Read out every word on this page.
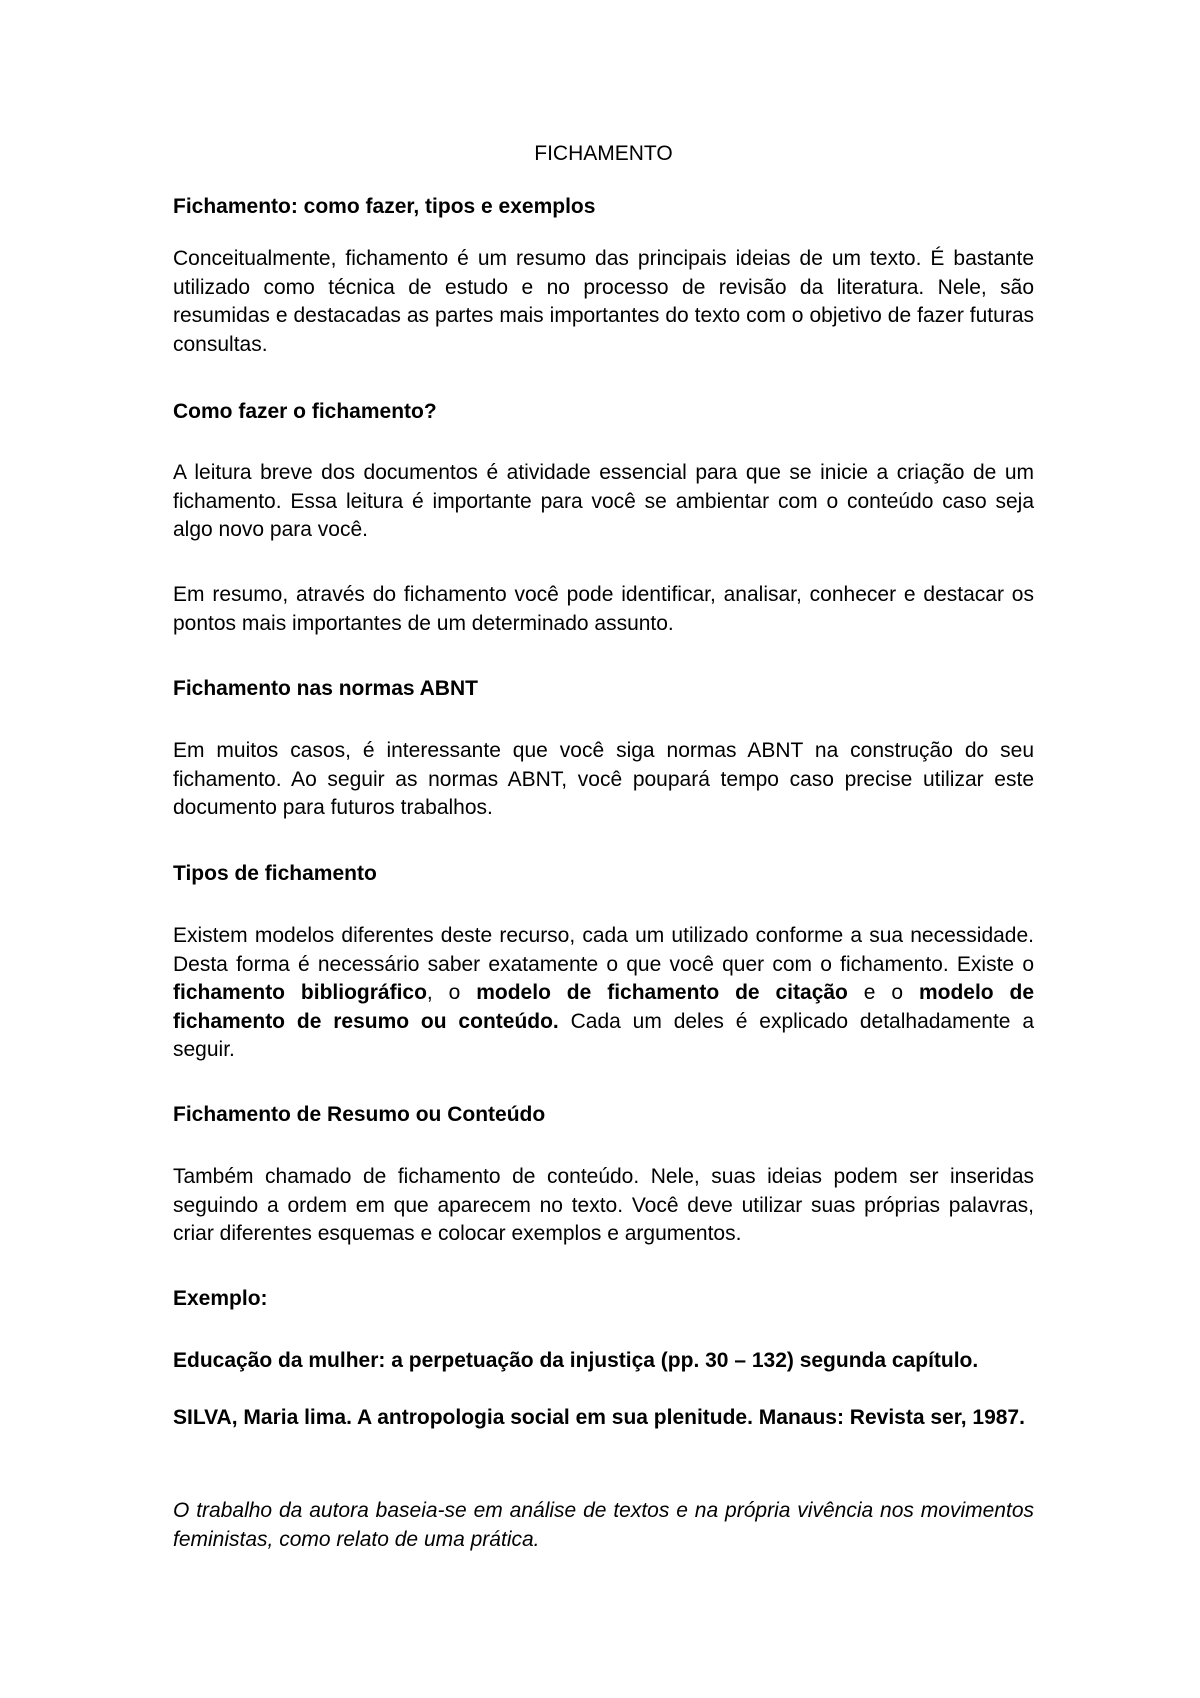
FICHAMENTO
Fichamento: como fazer, tipos e exemplos
Conceitualmente, fichamento é um resumo das principais ideias de um texto. É bastante utilizado como técnica de estudo e no processo de revisão da literatura. Nele, são resumidas e destacadas as partes mais importantes do texto com o objetivo de fazer futuras consultas.
Como fazer o fichamento?
A leitura breve dos documentos é atividade essencial para que se inicie a criação de um fichamento. Essa leitura é importante para você se ambientar com o conteúdo caso seja algo novo para você.
Em resumo, através do fichamento você pode identificar, analisar, conhecer e destacar os pontos mais importantes de um determinado assunto.
Fichamento nas normas ABNT
Em muitos casos, é interessante que você siga normas ABNT na construção do seu fichamento. Ao seguir as normas ABNT, você poupará tempo caso precise utilizar este documento para futuros trabalhos.
Tipos de fichamento
Existem modelos diferentes deste recurso, cada um utilizado conforme a sua necessidade. Desta forma é necessário saber exatamente o que você quer com o fichamento. Existe o fichamento bibliográfico, o modelo de fichamento de citação e o modelo de fichamento de resumo ou conteúdo. Cada um deles é explicado detalhadamente a seguir.
Fichamento de Resumo ou Conteúdo
Também chamado de fichamento de conteúdo. Nele, suas ideias podem ser inseridas seguindo a ordem em que aparecem no texto. Você deve utilizar suas próprias palavras, criar diferentes esquemas e colocar exemplos e argumentos.
Exemplo:
Educação da mulher: a perpetuação da injustiça (pp. 30 – 132) segunda capítulo.
SILVA, Maria lima. A antropologia social em sua plenitude. Manaus: Revista ser, 1987.
O trabalho da autora baseia-se em análise de textos e na própria vivência nos movimentos feministas, como relato de uma prática.
